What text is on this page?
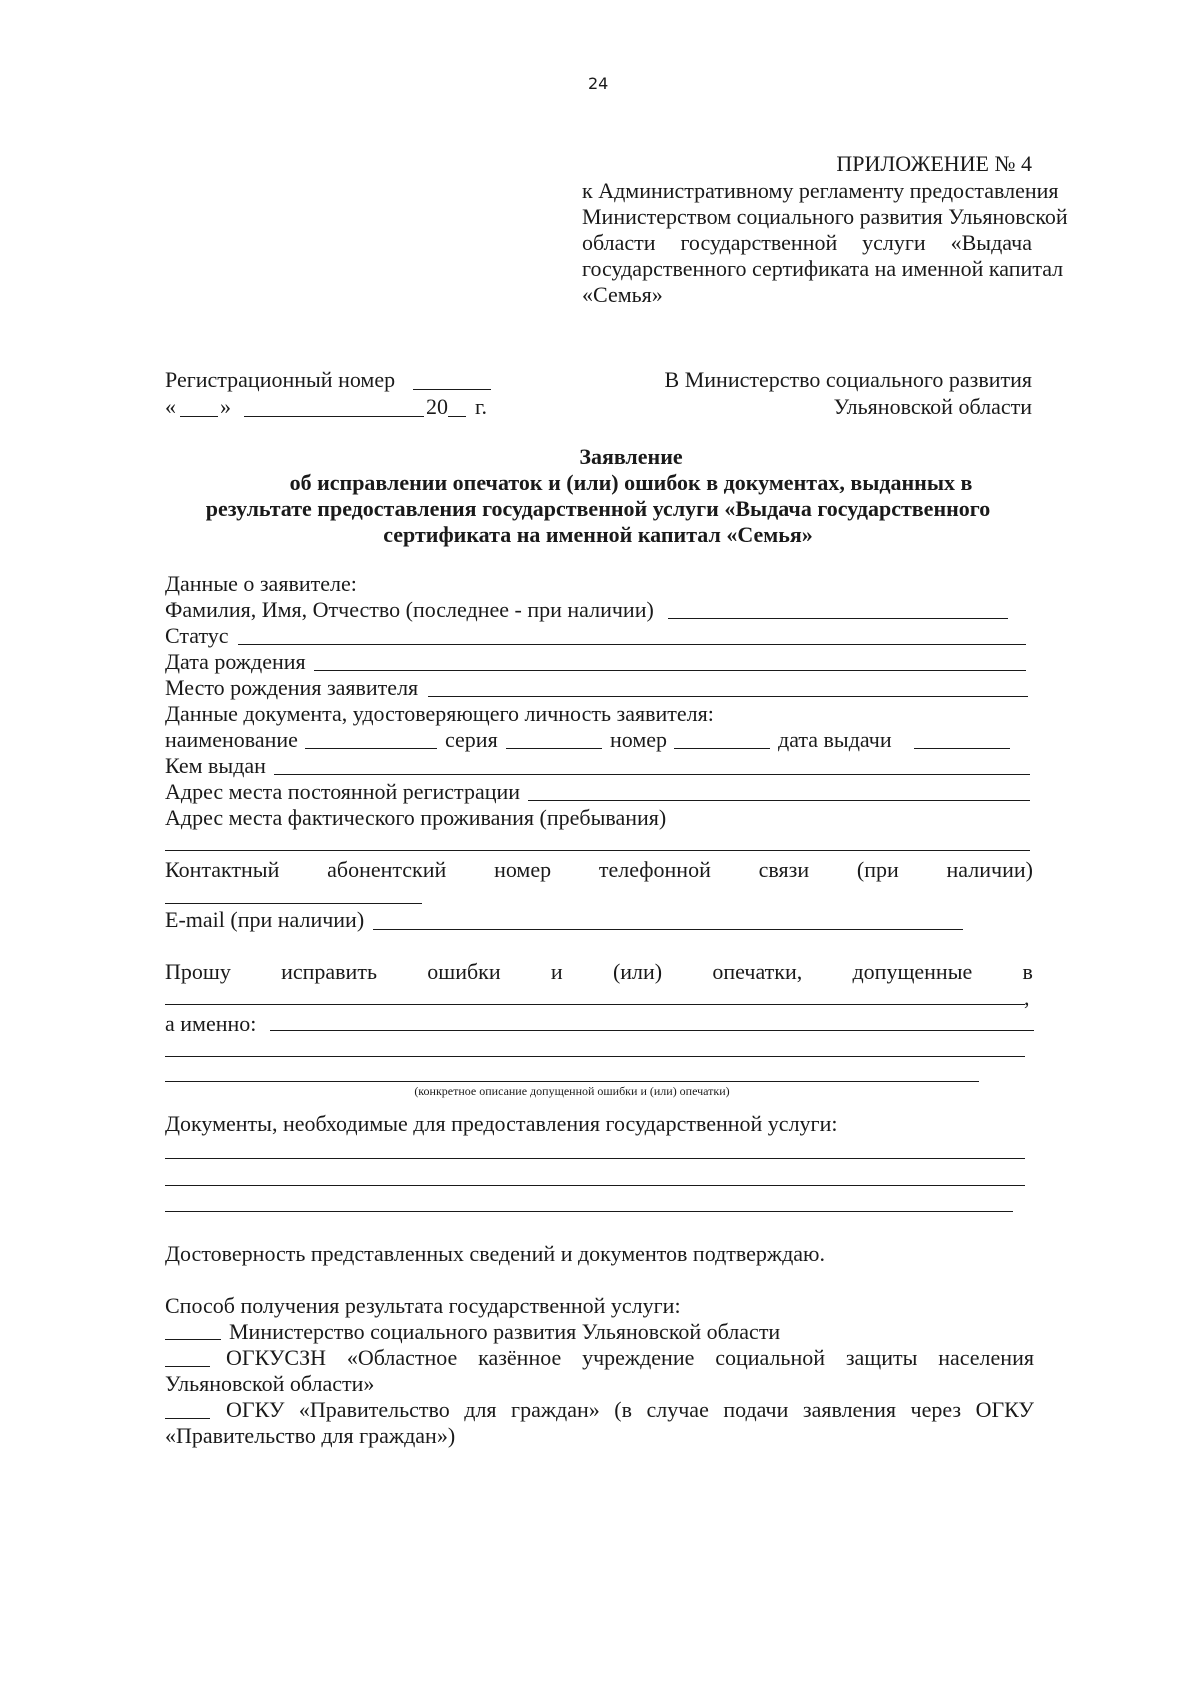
24
ПРИЛОЖЕНИЕ № 4
к Административному регламенту предоставления
Министерством социального развития Ульяновской
области государственной услуги «Выдача
государственного сертификата на именной капитал
«Семья»
Регистрационный номер
« »	20 г.
В Министерство социального развития
Ульяновской области
Заявление
об исправлении опечаток и (или) ошибок в документах, выданных в
результате предоставления государственной услуги «Выдача государственного
сертификата на именной капитал «Семья»
Данные о заявителе:
Фамилия, Имя, Отчество (последнее - при наличии)
Статус
Дата рождения
Место рождения заявителя
Данные документа, удостоверяющего личность заявителя:
наименование	серия	номер	дата выдачи
Кем выдан
Адрес места постоянной регистрации
Адрес места фактического проживания (пребывания)
Контактный абонентский номер телефонной связи (при наличии)
E-mail (при наличии)
Прошу исправить ошибки и (или) опечатки, допущенные в
,
а именно:
(конкретное описание допущенной ошибки и (или) опечатки)
Документы, необходимые для предоставления государственной услуги:
Достоверность представленных сведений и документов подтверждаю.
Способ получения результата государственной услуги:
Министерство социального развития Ульяновской области
ОГКУСЗН «Областное казённое учреждение социальной защиты населения
Ульяновской области»
ОГКУ «Правительство для граждан» (в случае подачи заявления через ОГКУ
«Правительство для граждан»)
